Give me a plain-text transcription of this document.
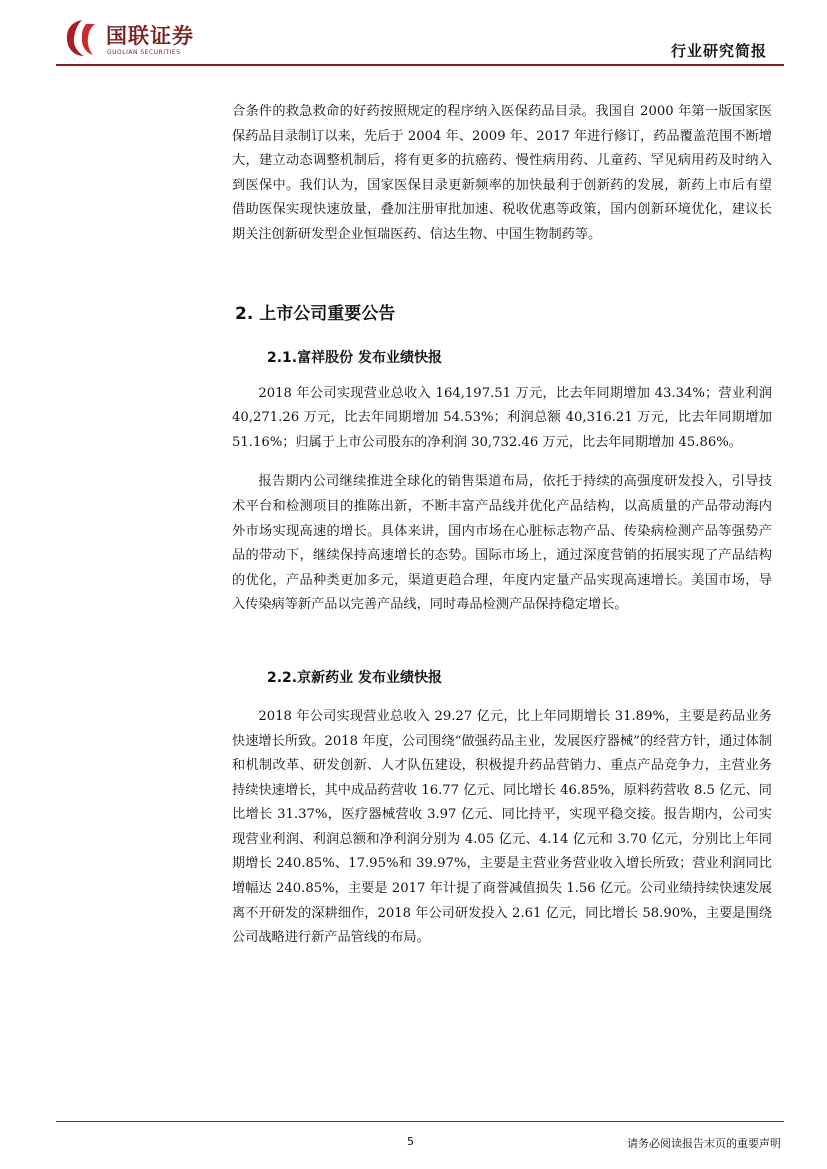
国联证券
GUOLIAN SECURITIES	行业研究简报

合条件的救急救命的好药按照规定的程序纳入医保药品目录。我国自 2000 年第一版国家医保药品目录制订以来，先后于 2004 年、2009 年、2017 年进行修订，药品覆盖范围不断增大，建立动态调整机制后，将有更多的抗癌药、慢性病用药、儿童药、罕见病用药及时纳入到医保中。我们认为，国家医保目录更新频率的加快最利于创新药的发展，新药上市后有望借助医保实现快速放量，叠加注册审批加速、税收优惠等政策，国内创新环境优化，建议长期关注创新研发型企业恒瑞医药、信达生物、中国生物制药等。

2. 上市公司重要公告
2.1.富祥股份 发布业绩快报

2018 年公司实现营业总收入 164,197.51 万元，比去年同期增加 43.34%；营业利润 40,271.26 万元，比去年同期增加 54.53%；利润总额 40,316.21 万元，比去年同期增加 51.16%；归属于上市公司股东的净利润 30,732.46 万元，比去年同期增加 45.86%。

报告期内公司继续推进全球化的销售渠道布局，依托于持续的高强度研发投入，引导技术平台和检测项目的推陈出新，不断丰富产品线并优化产品结构，以高质量的产品带动海内外市场实现高速的增长。具体来讲，国内市场在心脏标志物产品、传染病检测产品等强势产品的带动下，继续保持高速增长的态势。国际市场上，通过深度营销的拓展实现了产品结构的优化，产品种类更加多元，渠道更趋合理，年度内定量产品实现高速增长。美国市场，导入传染病等新产品以完善产品线，同时毒品检测产品保持稳定增长。

2.2.京新药业 发布业绩快报

2018 年公司实现营业总收入 29.27 亿元，比上年同期增长 31.89%，主要是药品业务快速增长所致。2018 年度，公司围绕“做强药品主业，发展医疗器械”的经营方针，通过体制和机制改革、研发创新、人才队伍建设，积极提升药品营销力、重点产品竞争力，主营业务持续快速增长，其中成品药营收 16.77 亿元、同比增长 46.85%，原料药营收 8.5 亿元、同比增长 31.37%，医疗器械营收 3.97 亿元、同比持平，实现平稳交接。报告期内，公司实现营业利润、利润总额和净利润分别为 4.05 亿元、4.14 亿元和 3.70 亿元，分别比上年同期增长 240.85%、17.95%和 39.97%，主要是主营业务营业收入增长所致；营业利润同比增幅达 240.85%，主要是 2017 年计提了商誉减值损失 1.56 亿元。公司业绩持续快速发展离不开研发的深耕细作，2018 年公司研发投入 2.61 亿元，同比增长 58.90%，主要是围绕公司战略进行新产品管线的布局。

5	请务必阅读报告末页的重要声明
